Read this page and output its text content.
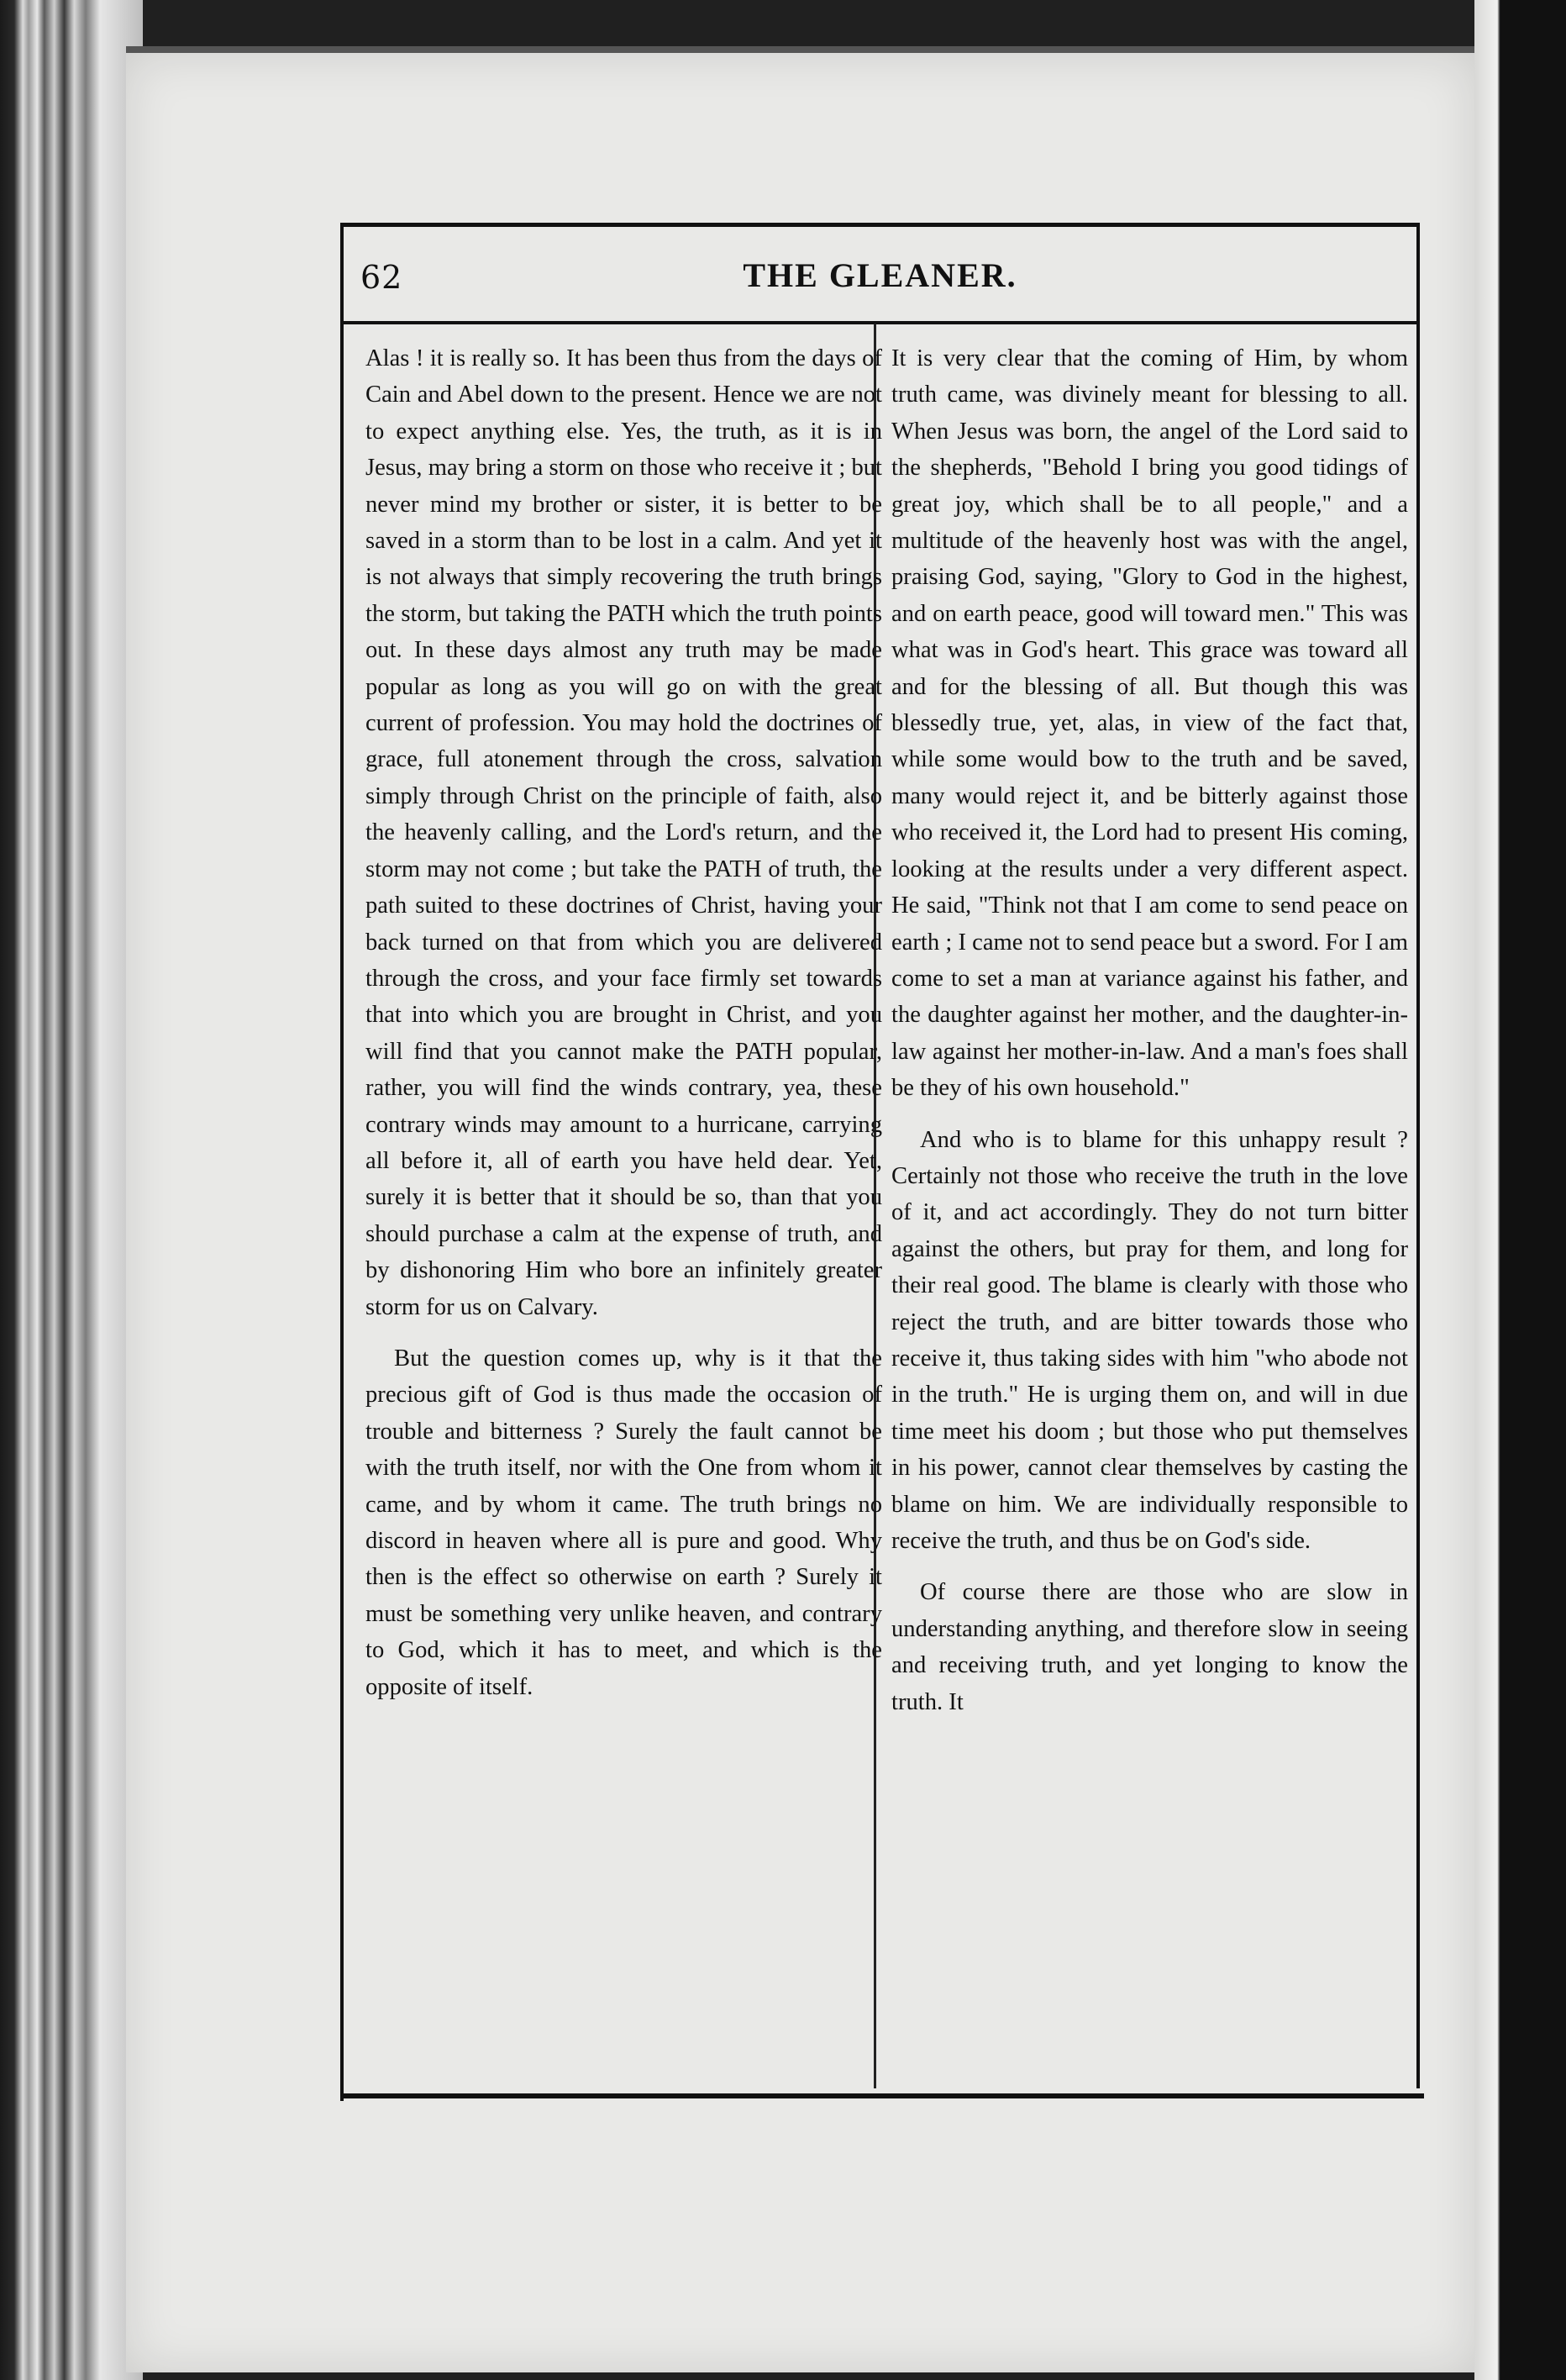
62	THE GLEANER.

Alas ! it is really so. It has been thus from the days of Cain and Abel down to the present. Hence we are not to expect anything else. Yes, the truth, as it is in Jesus, may bring a storm on those who receive it ; but never mind my brother or sister, it is better to be saved in a storm than to be lost in a calm. And yet it is not always that simply recovering the truth brings the storm, but taking the PATH which the truth points out. In these days almost any truth may be made popular as long as you will go on with the great current of profession. You may hold the doctrines of grace, full atonement through the cross, salvation simply through Christ on the principle of faith, also the heavenly calling, and the Lord's return, and the storm may not come ; but take the PATH of truth, the path suited to these doctrines of Christ, having your back turned on that from which you are delivered through the cross, and your face firmly set towards that into which you are brought in Christ, and you will find that you cannot make the PATH popular, rather, you will find the winds contrary, yea, these contrary winds may amount to a hurricane, carrying all before it, all of earth you have held dear. Yet, surely it is better that it should be so, than that you should purchase a calm at the expense of truth, and by dishonoring Him who bore an infinitely greater storm for us on Calvary.

But the question comes up, why is it that the precious gift of God is thus made the occasion of trouble and bitterness ? Surely the fault cannot be with the truth itself, nor with the One from whom it came, and by whom it came. The truth brings no discord in heaven where all is pure and good. Why then is the effect so otherwise on earth ? Surely it must be something very unlike heaven, and contrary to God, which it has to meet, and which is the opposite of itself.

It is very clear that the coming of Him, by whom truth came, was divinely meant for blessing to all. When Jesus was born, the angel of the Lord said to the shepherds, "Behold I bring you good tidings of great joy, which shall be to all people," and a multitude of the heavenly host was with the angel, praising God, saying, "Glory to God in the highest, and on earth peace, good will toward men." This was what was in God's heart. This grace was toward all and for the blessing of all. But though this was blessedly true, yet, alas, in view of the fact that, while some would bow to the truth and be saved, many would reject it, and be bitterly against those who received it, the Lord had to present His coming, looking at the results under a very different aspect. He said, "Think not that I am come to send peace on earth ; I came not to send peace but a sword. For I am come to set a man at variance against his father, and the daughter against her mother, and the daughter-in-law against her mother-in-law. And a man's foes shall be they of his own household."

And who is to blame for this unhappy result ? Certainly not those who receive the truth in the love of it, and act accordingly. They do not turn bitter against the others, but pray for them, and long for their real good. The blame is clearly with those who reject the truth, and are bitter towards those who receive it, thus taking sides with him "who abode not in the truth." He is urging them on, and will in due time meet his doom ; but those who put themselves in his power, cannot clear themselves by casting the blame on him. We are individually responsible to receive the truth, and thus be on God's side.

Of course there are those who are slow in understanding anything, and therefore slow in seeing and receiving truth, and yet longing to know the truth. It
